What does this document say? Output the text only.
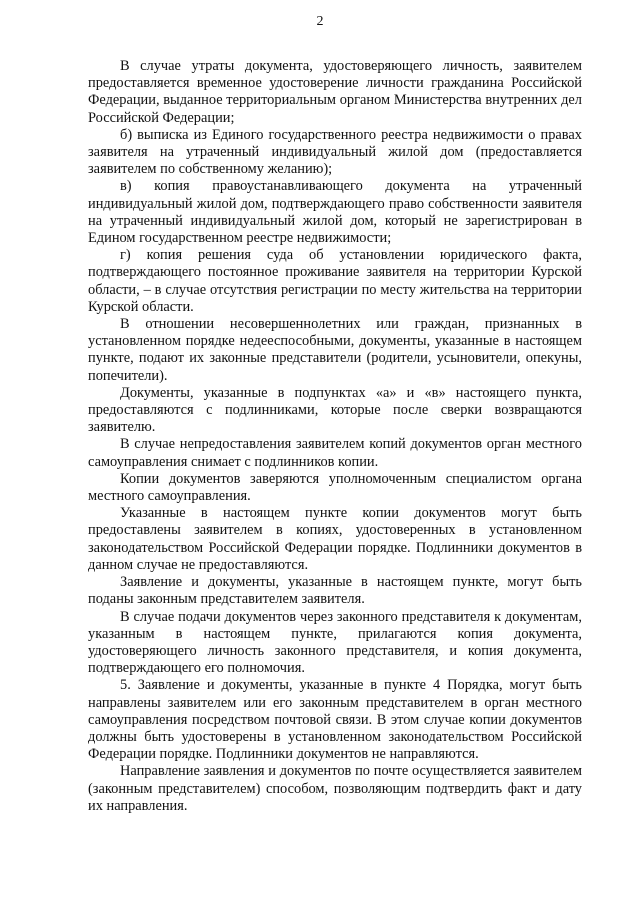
2

В случае утраты документа, удостоверяющего личность, заявителем предоставляется временное удостоверение личности гражданина Российской Федерации, выданное территориальным органом Министерства внутренних дел Российской Федерации;

б) выписка из Единого государственного реестра недвижимости о правах заявителя на утраченный индивидуальный жилой дом (предоставляется заявителем по собственному желанию);

в) копия правоустанавливающего документа на утраченный индивидуальный жилой дом, подтверждающего право собственности заявителя на утраченный индивидуальный жилой дом, который не зарегистрирован в Едином государственном реестре недвижимости;

г) копия решения суда об установлении юридического факта, подтверждающего постоянное проживание заявителя на территории Курской области, – в случае отсутствия регистрации по месту жительства на территории Курской области.

В отношении несовершеннолетних или граждан, признанных в установленном порядке недееспособными, документы, указанные в настоящем пункте, подают их законные представители (родители, усыновители, опекуны, попечители).

Документы, указанные в подпунктах «а» и «в» настоящего пункта, предоставляются с подлинниками, которые после сверки возвращаются заявителю.

В случае непредоставления заявителем копий документов орган местного самоуправления снимает с подлинников копии.

Копии документов заверяются уполномоченным специалистом органа местного самоуправления.

Указанные в настоящем пункте копии документов могут быть предоставлены заявителем в копиях, удостоверенных в установленном законодательством Российской Федерации порядке. Подлинники документов в данном случае не предоставляются.

Заявление и документы, указанные в настоящем пункте, могут быть поданы законным представителем заявителя.

В случае подачи документов через законного представителя к документам, указанным в настоящем пункте, прилагаются копия документа, удостоверяющего личность законного представителя, и копия документа, подтверждающего его полномочия.

5. Заявление и документы, указанные в пункте 4 Порядка, могут быть направлены заявителем или его законным представителем в орган местного самоуправления посредством почтовой связи. В этом случае копии документов должны быть удостоверены в установленном законодательством Российской Федерации порядке. Подлинники документов не направляются.

Направление заявления и документов по почте осуществляется заявителем (законным представителем) способом, позволяющим подтвердить факт и дату их направления.
